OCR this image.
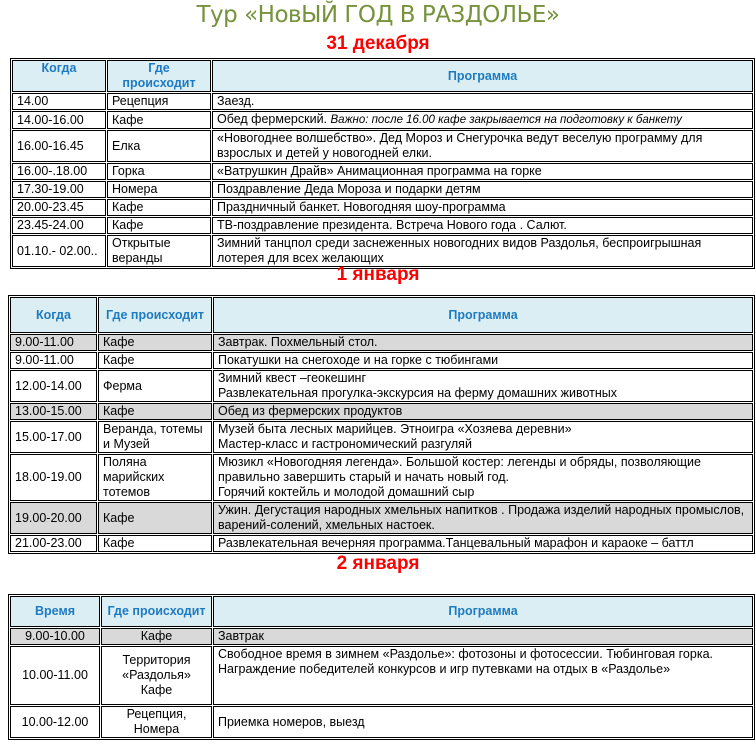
Тур «НовЫЙ ГОД В РАЗДОЛЬЕ»
31 декабря
Когда	Где происходит	Программа
14.00	Рецепция	Заезд.
14.00-16.00	Кафе	Обед фермерский. Важно: после 16.00 кафе закрывается на подготовку к банкету
16.00-16.45	Елка	«Новогоднее волшебство». Дед Мороз и Снегурочка ведут веселую программу для взрослых и детей у новогодней елки.
16.00-.18.00	Горка	«Ватрушкин Драйв» Анимационная программа на горке
17.30-19.00	Номера	Поздравление Деда Мороза и подарки детям
20.00-23.45	Кафе	Праздничный банкет. Новогодняя шоу-программа
23.45-24.00	Кафе	ТВ-поздравление президента. Встреча Нового года . Салют.
01.10.- 02.00..	Открытые веранды	Зимний танцпол среди заснеженных новогодних видов Раздолья, беспроигрышная лотерея для всех желающих
1 января
Когда	Где происходит	Программа
9.00-11.00	Кафе	Завтрак. Похмельный стол.
9.00-11.00	Кафе	Покатушки на снегоходе и на горке с тюбингами
12.00-14.00	Ферма	Зимний квест –геокешинг
Развлекательная прогулка-экскурсия на ферму домашних животных

13.00-15.00	Кафе	Обед из фермерских продуктов
15.00-17.00	Веранда, тотемы и Музей	Музей быта лесных марийцев. Этноигра «Хозяева деревни»
Мастер-класс и гастрономический разгуляй

18.00-19.00	Поляна марийских тотемов	Мюзикл «Новогодняя легенда». Большой костер: легенды и обряды, позволяющие правильно завершить старый и начать новый год.
Горячий коктейль и молодой домашний сыр

19.00-20.00	Кафе	Ужин. Дегустация народных хмельных напитков . Продажа изделий народных промыслов, варений-солений, хмельных настоек.
21.00-23.00	Кафе	Развлекательная вечерняя программа.Танцевальный марафон и караоке – баттл
2 января
Время	Где происходит	Программа
9.00-10.00	Кафе	Завтрак
10.00-11.00	Территория «Раздолья» Кафе	Свободное время в зимнем «Раздолье»: фотозоны и фотосессии. Тюбинговая горка. Награждение победителей конкурсов и игр путевками на отдых в «Раздолье»
10.00-12.00	Рецепция, Номера	Приемка номеров, выезд
